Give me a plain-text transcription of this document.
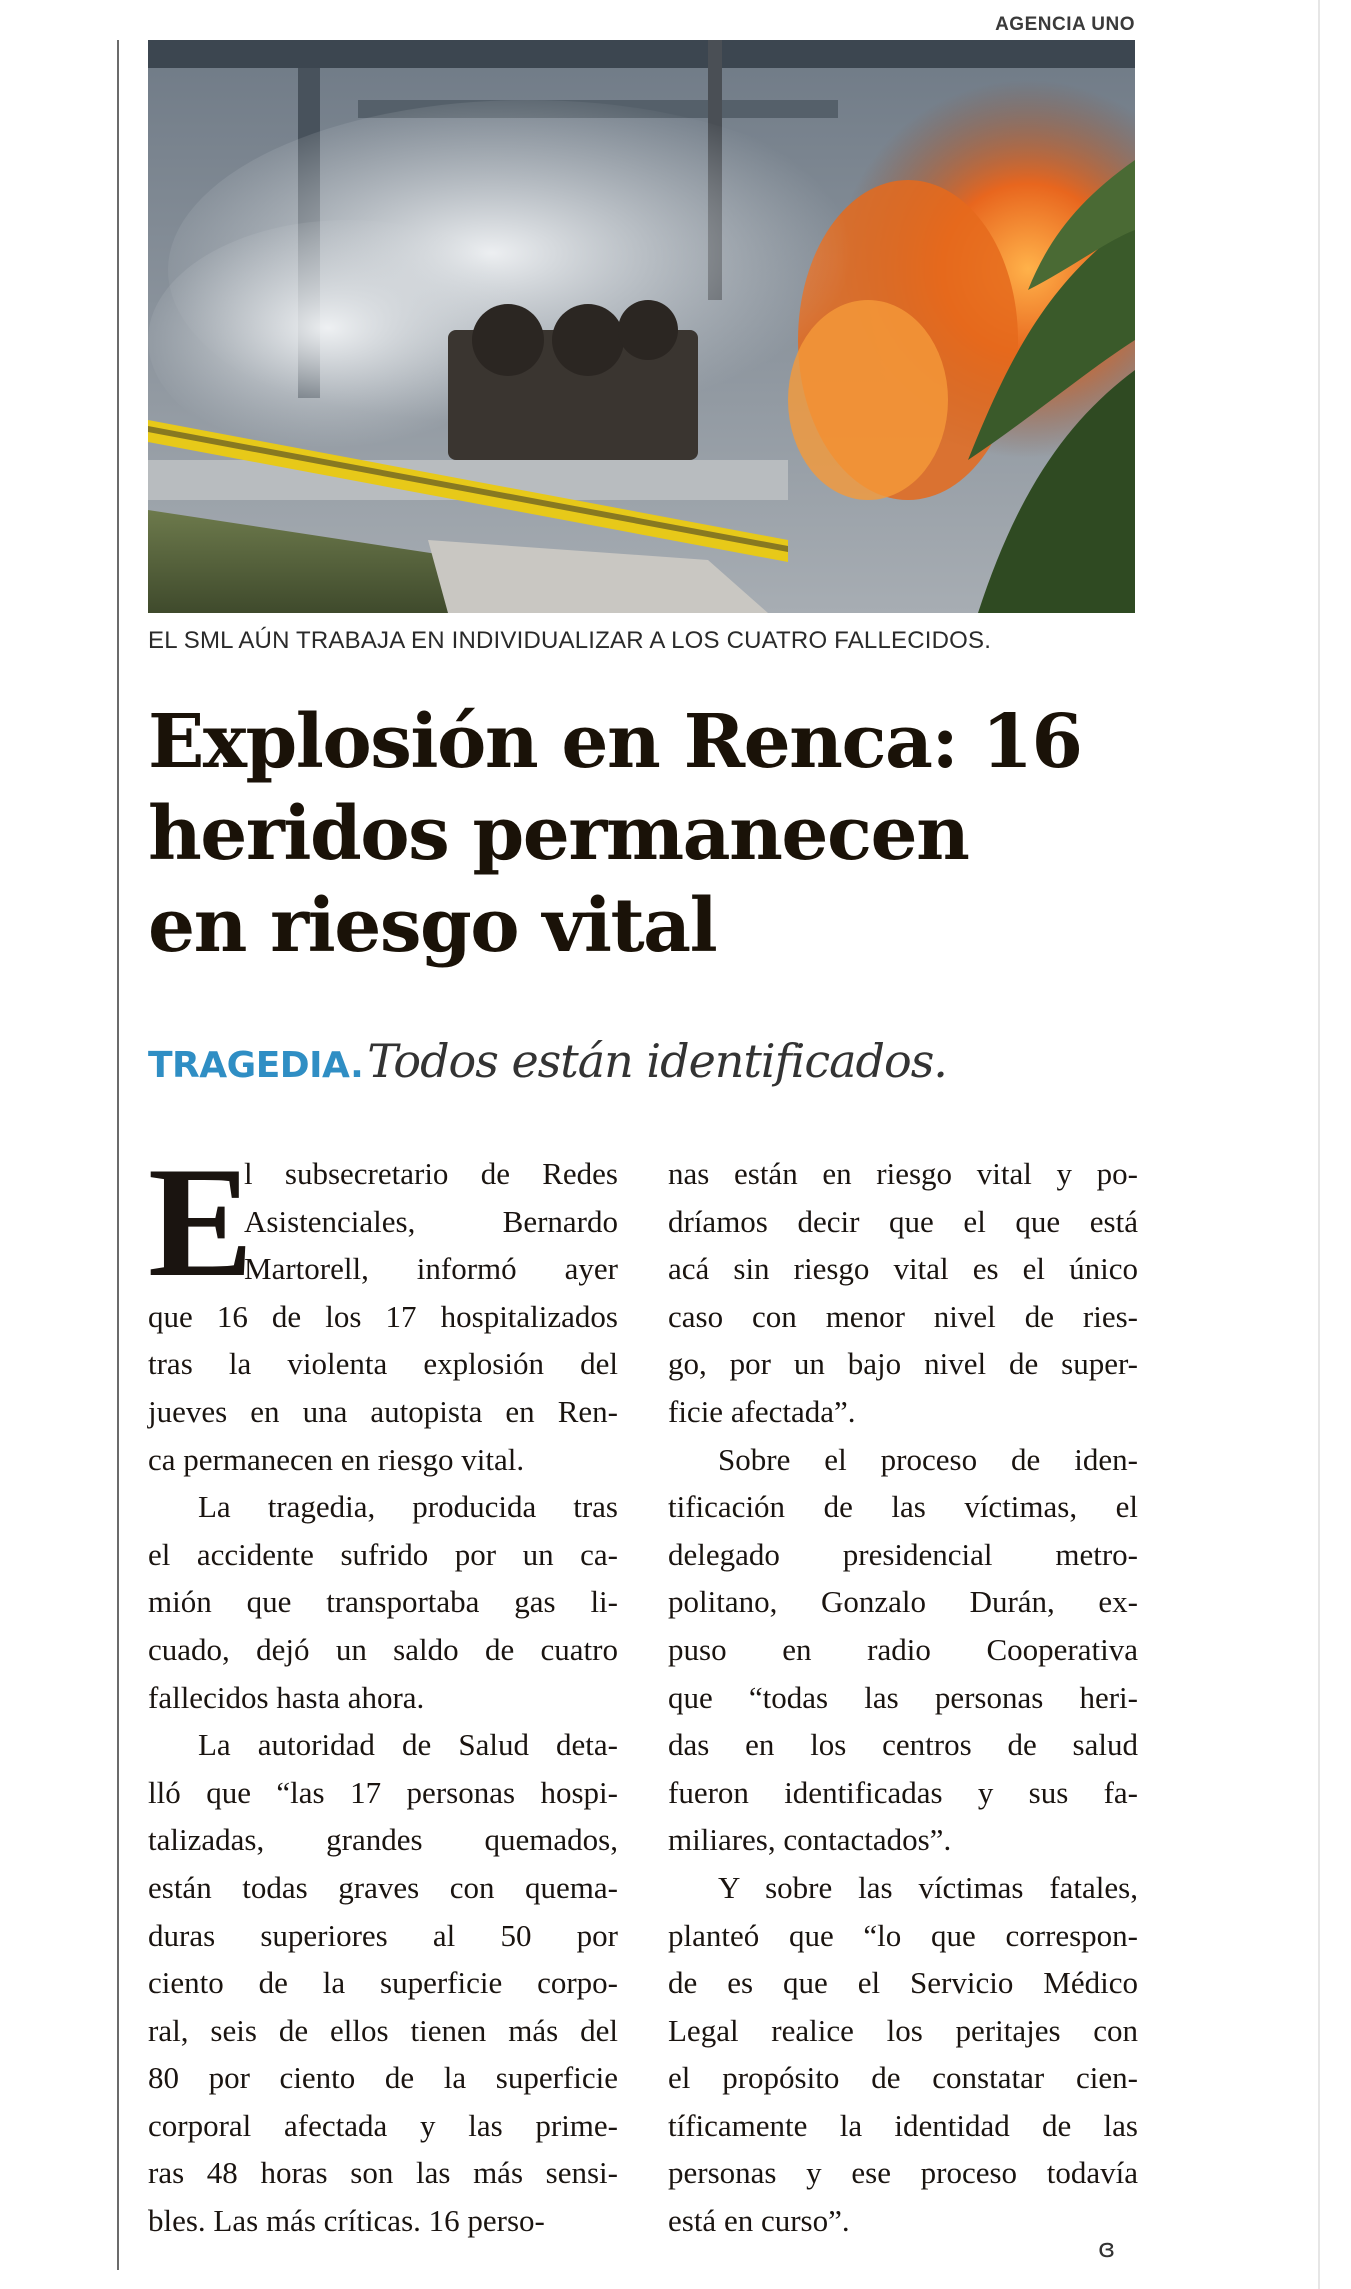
AGENCIA UNO
EL SML AÚN TRABAJA EN INDIVIDUALIZAR A LOS CUATRO FALLECIDOS.
Explosión en Renca: 16
heridos permanecen
en riesgo vital
TRAGEDIA. Todos están identificados.

E
l subsecretario de Redes
Asistenciales, Bernardo
Martorell, informó ayer
que 16 de los 17 hospitalizados
tras la violenta explosión del
jueves en una autopista en Ren-
ca permanecen en riesgo vital.

La tragedia, producida tras
el accidente sufrido por un ca-
mión que transportaba gas li-
cuado, dejó un saldo de cuatro
fallecidos hasta ahora.

La autoridad de Salud deta-
lló que “las 17 personas hospi-
talizadas, grandes quemados,
están todas graves con quema-
duras superiores al 50 por
ciento de la superficie corpo-
ral, seis de ellos tienen más del
80 por ciento de la superficie
corporal afectada y las prime-
ras 48 horas son las más sensi-
bles. Las más críticas. 16 perso-

nas están en riesgo vital y po-
dríamos decir que el que está
acá sin riesgo vital es el único
caso con menor nivel de ries-
go, por un bajo nivel de super-
ficie afectada”.

Sobre el proceso de iden-
tificación de las víctimas, el
delegado presidencial metro-
politano, Gonzalo Durán, ex-
puso en radio Cooperativa
que “todas las personas heri-
das en los centros de salud
fueron identificadas y sus fa-
miliares, contactados”.

Y sobre las víctimas fatales,
planteó que “lo que correspon-
de es que el Servicio Médico
Legal realice los peritajes con
el propósito de constatar cien-
tíficamente la identidad de las
personas y ese proceso todavía
está en curso”.

ɞ
